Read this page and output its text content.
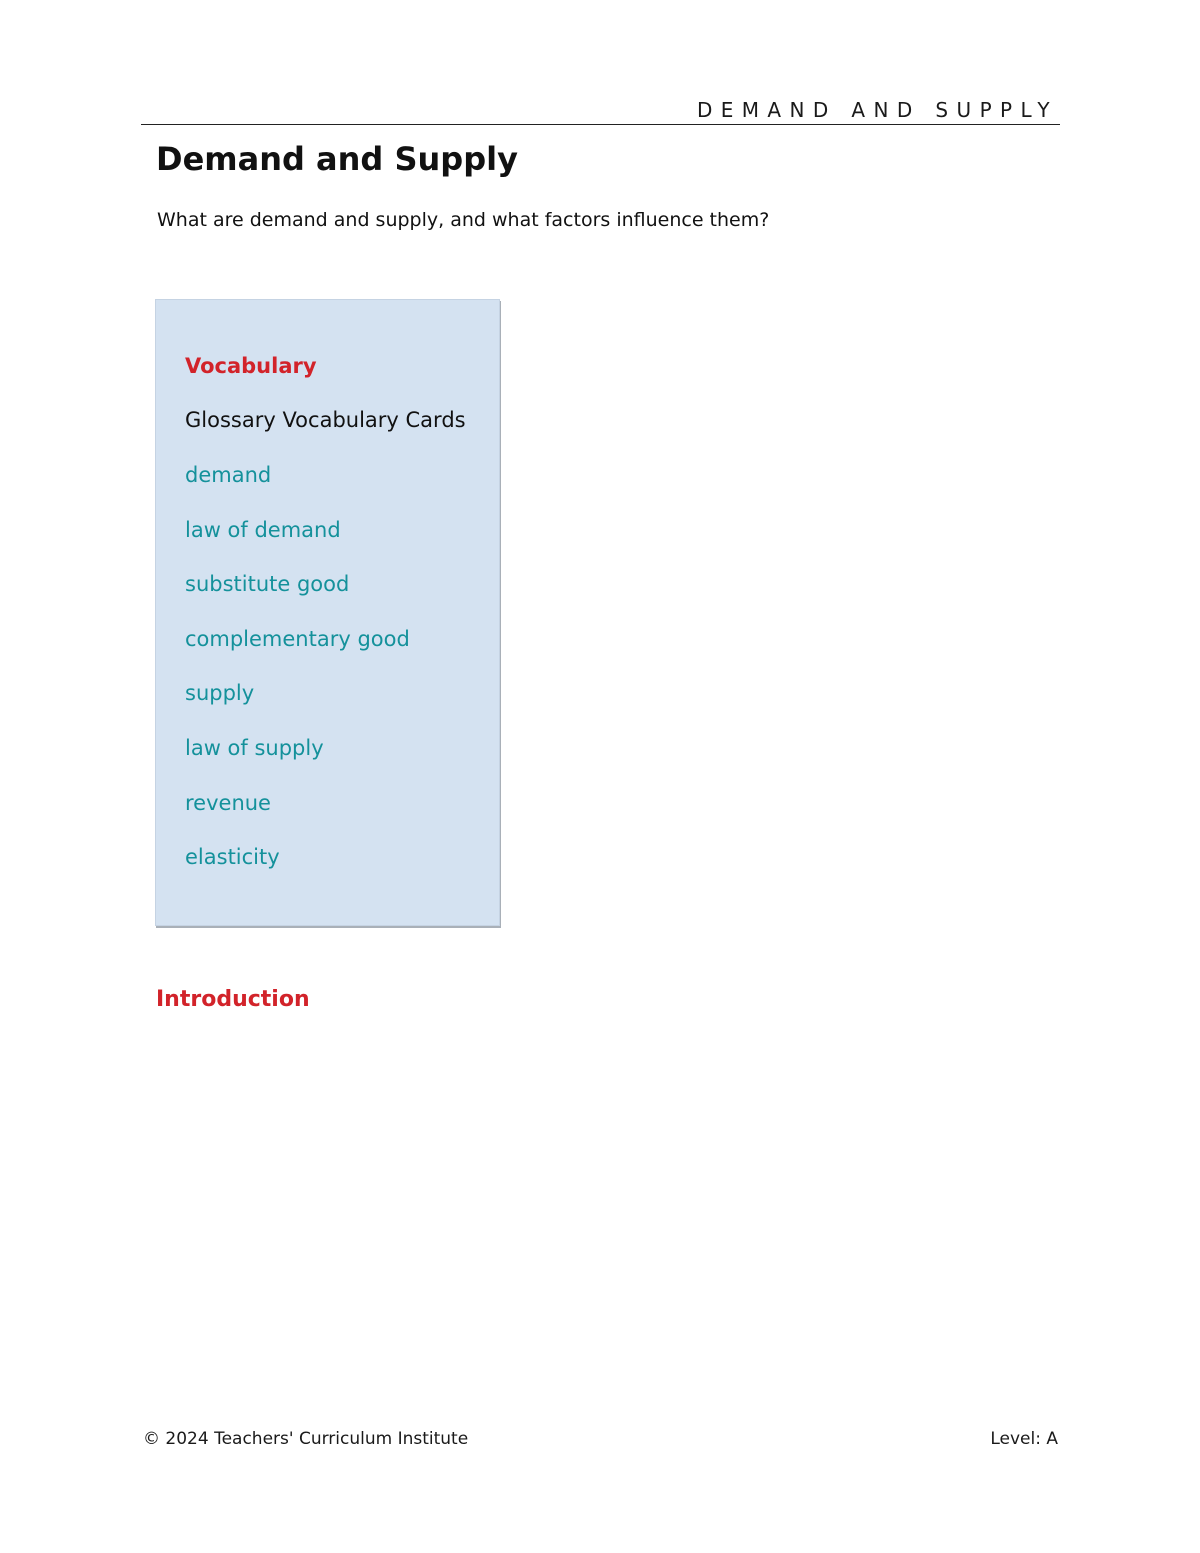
DEMAND AND SUPPLY
Demand and Supply

What are demand and supply, and what factors influence them?

Vocabulary
Glossary Vocabulary Cards
demand
law of demand
substitute good
complementary good
supply
law of supply
revenue
elasticity
Introduction
© 2024 Teachers' Curriculum Institute	Level: A
